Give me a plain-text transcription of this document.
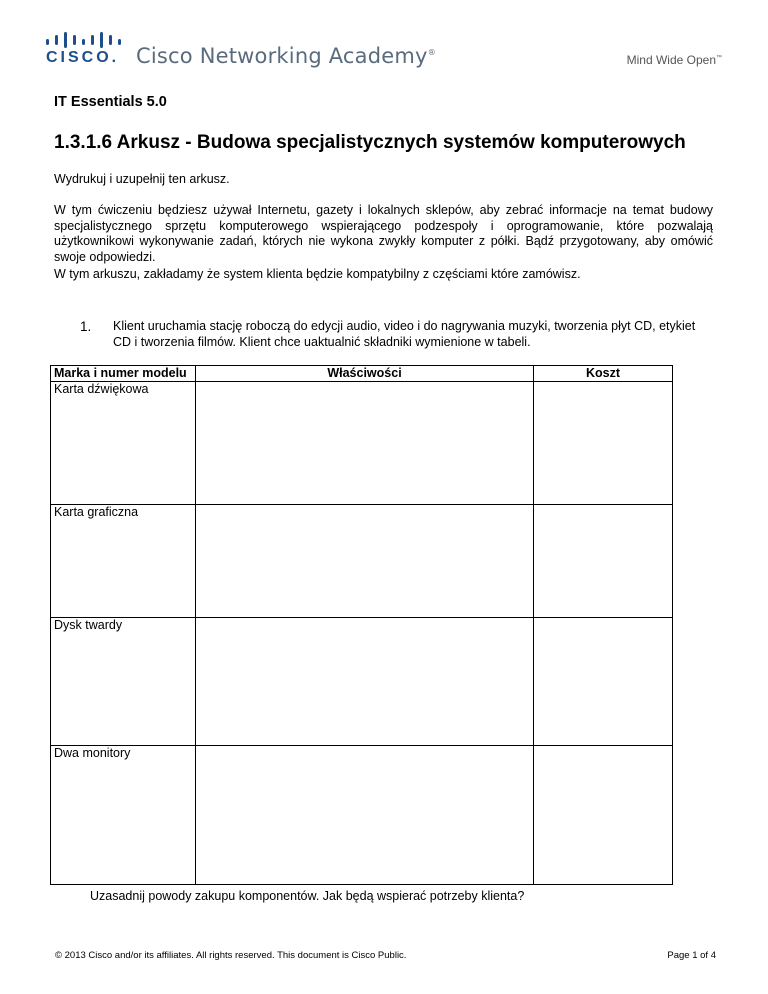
CISCO. Cisco Networking Academy®
Mind Wide Open™
IT Essentials 5.0
1.3.1.6 Arkusz - Budowa specjalistycznych systemów komputerowych
Wydrukuj i uzupełnij ten arkusz.
W tym ćwiczeniu będziesz używał Internetu, gazety i lokalnych sklepów, aby zebrać informacje na temat budowy specjalistycznego sprzętu komputerowego wspierającego podzespoły i oprogramowanie, które pozwalają użytkownikowi wykonywanie zadań, których nie wykona zwykły komputer z półki. Bądź przygotowany, aby omówić swoje odpowiedzi.
W tym arkuszu, zakładamy że system klienta będzie kompatybilny z częściami które zamówisz.
1. Klient uruchamia stację roboczą do edycji audio, video i do nagrywania muzyki, tworzenia płyt CD, etykiet CD i tworzenia filmów. Klient chce uaktualnić składniki wymienione w tabeli.
Marka i numer modelu	Właściwości	Koszt
Karta dźwiękowa		
Karta graficzna		
Dysk twardy		
Dwa monitory		
Uzasadnij powody zakupu komponentów. Jak będą wspierać potrzeby klienta?
© 2013 Cisco and/or its affiliates. All rights reserved. This document is Cisco Public.	Page 1 of 4
